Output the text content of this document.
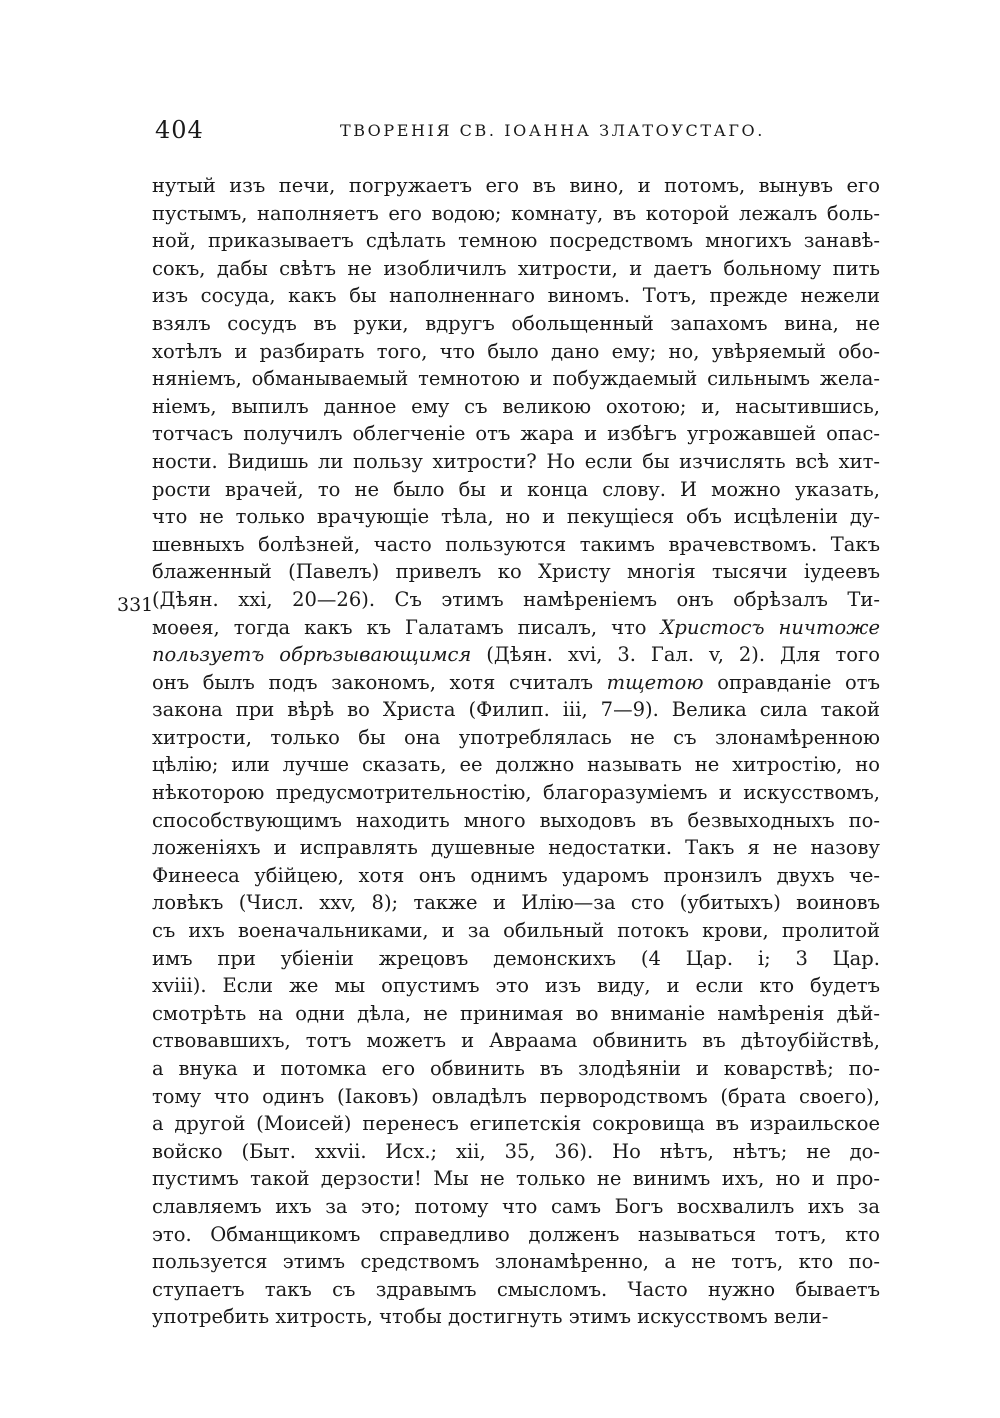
404	ТВОРЕНІЯ СВ. ІОАННА ЗЛАТОУСТАГО.
331
нутый изъ печи, погружаетъ его въ вино, и потомъ, вынувъ его
пустымъ, наполняетъ его водою; комнату, въ которой лежалъ боль-
ной, приказываетъ сдѣлать темною посредствомъ многихъ занавѣ-
сокъ, дабы свѣтъ не изобличилъ хитрости, и даетъ больному пить
изъ сосуда, какъ бы наполненнаго виномъ. Тотъ, прежде нежели
взялъ сосудъ въ руки, вдругъ обольщенный запахомъ вина, не
хотѣлъ и разбирать того, что было дано ему; но, увѣряемый обо-
няніемъ, обманываемый темнотою и побуждаемый сильнымъ жела-
ніемъ, выпилъ данное ему съ великою охотою; и, насытившись,
тотчасъ получилъ облегченіе отъ жара и избѣгъ угрожавшей опас-
ности. Видишь ли пользу хитрости? Но если бы изчислять всѣ хит-
рости врачей, то не было бы и конца слову. И можно указать,
что не только врачующіе тѣла, но и пекущіеся объ исцѣленіи ду-
шевныхъ болѣзней, часто пользуются такимъ врачевствомъ. Такъ
блаженный (Павелъ) привелъ ко Христу многія тысячи іудеевъ
(Дѣян. xxi, 20—26). Съ этимъ намѣреніемъ онъ обрѣзалъ Ти-
моѳея, тогда какъ къ Галатамъ писалъ, что Христосъ ничтоже
пользуетъ обрѣзывающимся (Дѣян. xvi, 3. Гал. v, 2). Для того
онъ былъ подъ закономъ, хотя считалъ тщетою оправданіе отъ
закона при вѣрѣ во Христа (Филип. iii, 7—9). Велика сила такой
хитрости, только бы она употреблялась не съ злонамѣренною
цѣлію; или лучше сказать, ее должно называть не хитростію, но
нѣкоторою предусмотрительностію, благоразуміемъ и искусствомъ,
способствующимъ находить много выходовъ въ безвыходныхъ по-
ложеніяхъ и исправлять душевные недостатки. Такъ я не назову
Финееса убійцею, хотя онъ однимъ ударомъ пронзилъ двухъ че-
ловѣкъ (Числ. xxv, 8); также и Илію—за сто (убитыхъ) воиновъ
съ ихъ военачальниками, и за обильный потокъ крови, пролитой
имъ при убіеніи жрецовъ демонскихъ (4 Цар. i; 3 Цар.
xviii). Если же мы опустимъ это изъ виду, и если кто будетъ
смотрѣть на одни дѣла, не принимая во вниманіе намѣренія дѣй-
ствовавшихъ, тотъ можетъ и Авраама обвинить въ дѣтоубійствѣ,
а внука и потомка его обвинить въ злодѣяніи и коварствѣ; по-
тому что одинъ (Іаковъ) овладѣлъ первородствомъ (брата своего),
а другой (Моисей) перенесъ египетскія сокровища въ израильское
войско (Быт. xxvii. Исх.; xii, 35, 36). Но нѣтъ, нѣтъ; не до-
пустимъ такой дерзости! Мы не только не винимъ ихъ, но и про-
славляемъ ихъ за это; потому что самъ Богъ восхвалилъ ихъ за
это. Обманщикомъ справедливо долженъ называться тотъ, кто
пользуется этимъ средствомъ злонамѣренно, а не тотъ, кто по-
ступаетъ такъ съ здравымъ смысломъ. Часто нужно бываетъ
употребить хитрость, чтобы достигнуть этимъ искусствомъ вели-
